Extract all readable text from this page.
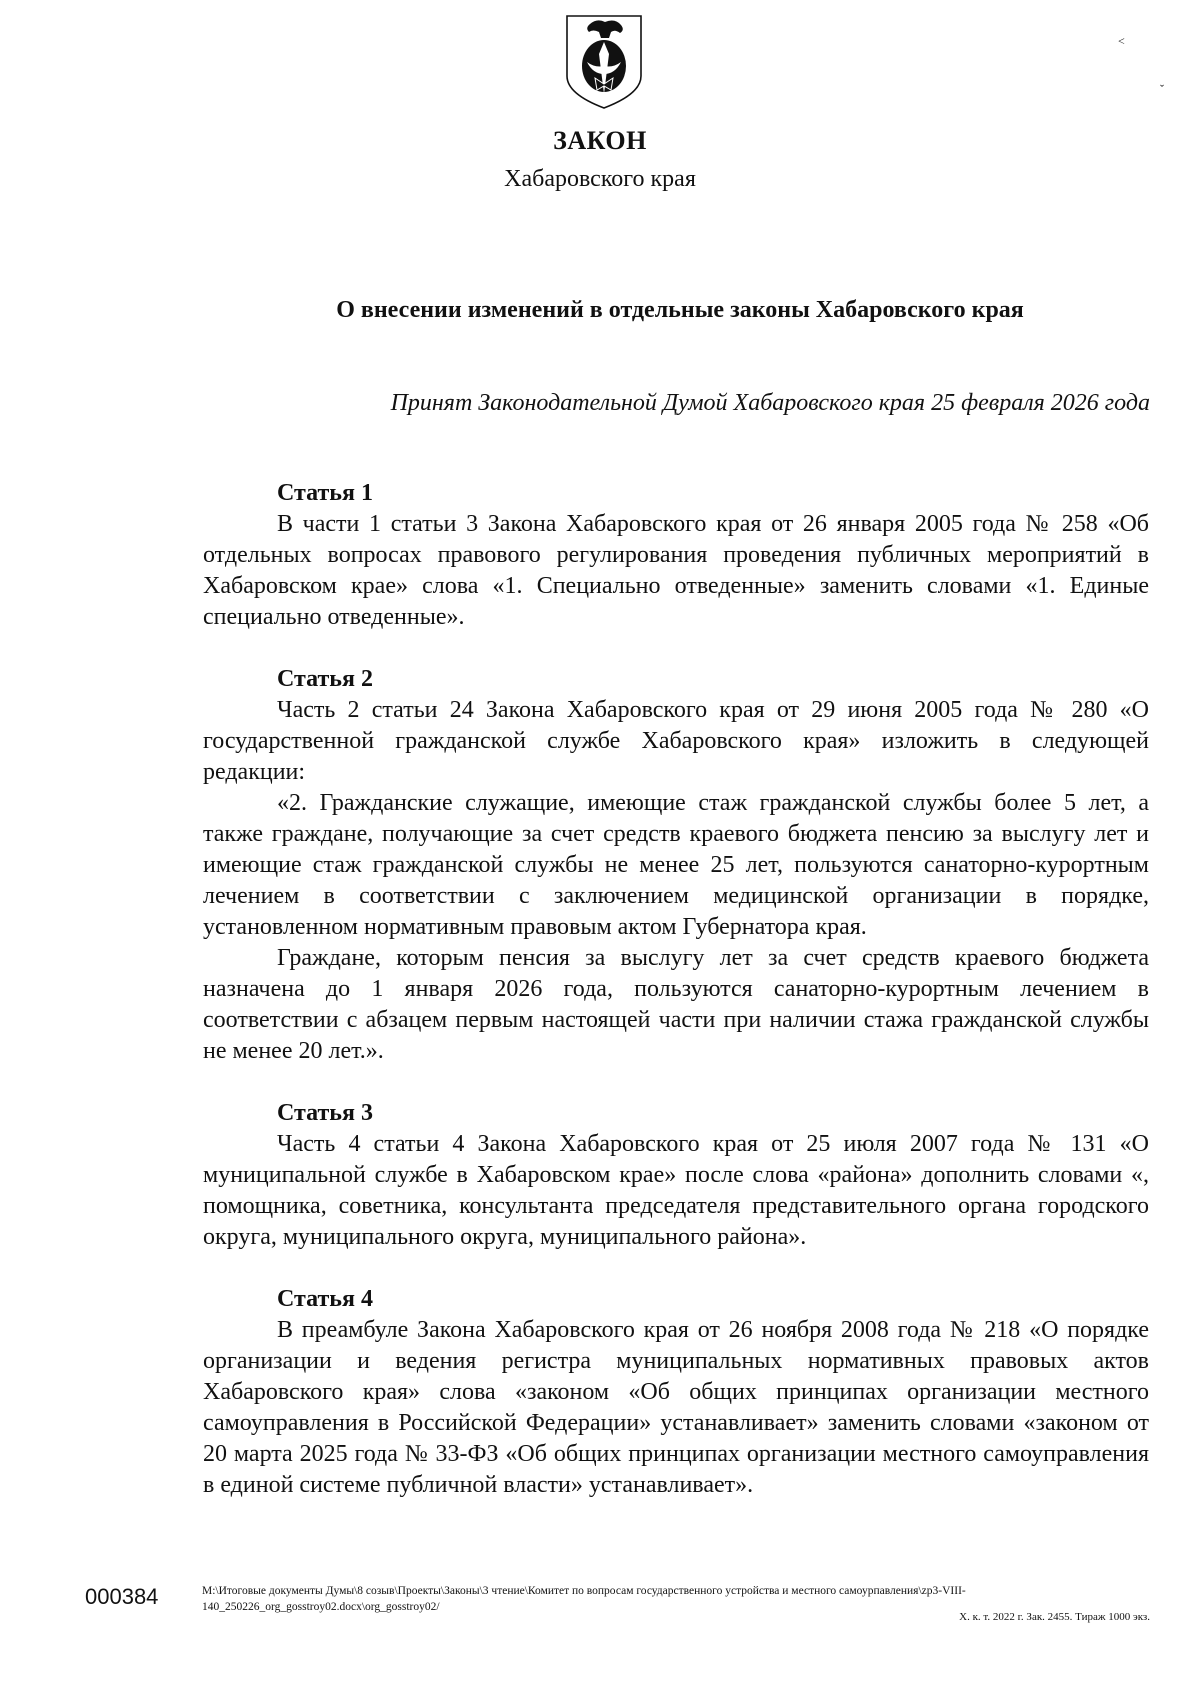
ЗАКОН
Хабаровского края
О внесении изменений в отдельные законы Хабаровского края
Принят Законодательной Думой Хабаровского края 25 февраля 2026 года

Статья 1

В части 1 статьи 3 Закона Хабаровского края от 26 января 2005 года № 258 «Об отдельных вопросах правового регулирования проведения публичных мероприятий в Хабаровском крае» слова «1. Специально отведенные» заменить словами «1. Единые специально отведенные».

Статья 2

Часть 2 статьи 24 Закона Хабаровского края от 29 июня 2005 года № 280 «О государственной гражданской службе Хабаровского края» изложить в следующей редакции:

«2. Гражданские служащие, имеющие стаж гражданской службы более 5 лет, а также граждане, получающие за счет средств краевого бюджета пенсию за выслугу лет и имеющие стаж гражданской службы не менее 25 лет, пользуются санаторно-курортным лечением в соответствии с заключением медицинской организации в порядке, установленном нормативным правовым актом Губернатора края.

Граждане, которым пенсия за выслугу лет за счет средств краевого бюджета назначена до 1 января 2026 года, пользуются санаторно-курортным лечением в соответствии с абзацем первым настоящей части при наличии стажа гражданской службы не менее 20 лет.».

Статья 3

Часть 4 статьи 4 Закона Хабаровского края от 25 июля 2007 года № 131 «О муниципальной службе в Хабаровском крае» после слова «района» дополнить словами «, помощника, советника, консультанта председателя представительного органа городского округа, муниципального округа, муниципального района».

Статья 4

В преамбуле Закона Хабаровского края от 26 ноября 2008 года № 218 «О порядке организации и ведения регистра муниципальных нормативных правовых актов Хабаровского края» слова «законом «Об общих принципах организации местного самоуправления в Российской Федерации» устанавливает» заменить словами «законом от 20 марта 2025 года № 33-ФЗ «Об общих принципах организации местного самоуправления в единой системе публичной власти» устанавливает».

000384	M:\Итоговые документы Думы\8 созыв\Проекты\Законы\3 чтение\Комитет по вопросам государственного устройства и местного самоурпавления\zp3-VIII-140_250226_org_gosstroy02.docx\org_gosstroy02/
Х. к. т. 2022 г. Зак. 2455. Тираж 1000 экз.
˂
ˇ
